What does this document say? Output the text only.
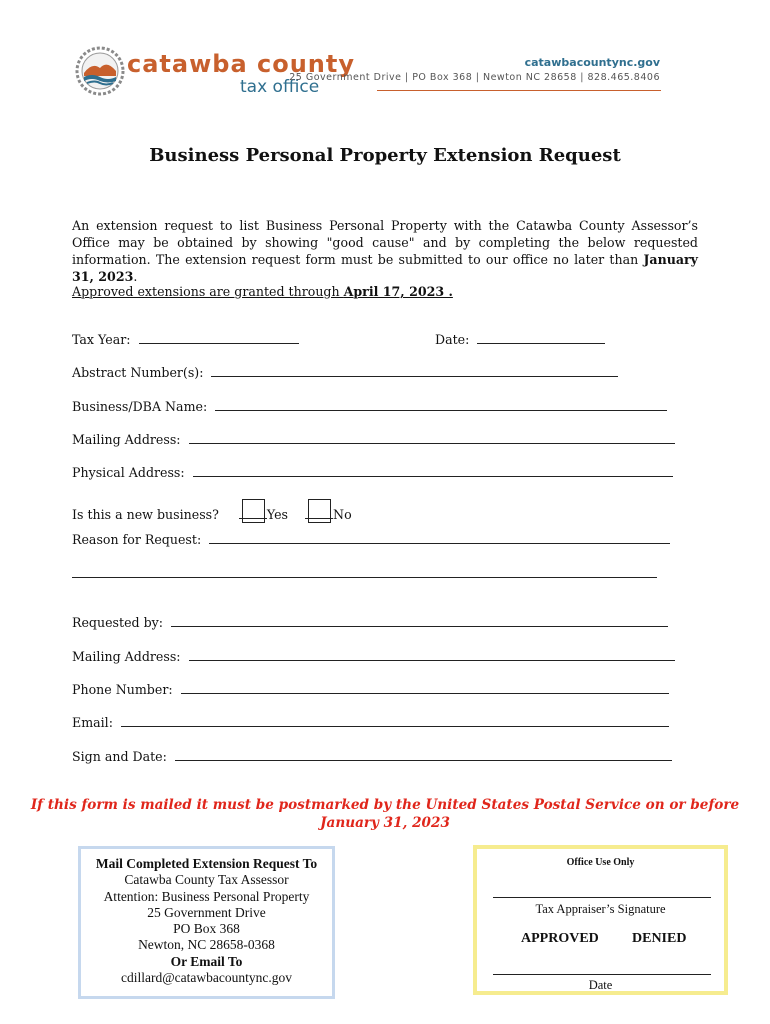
catawba county
tax office
catawbacountync.gov
25 Government Drive | PO Box 368 | Newton NC 28658 | 828.465.8406
Business Personal Property Extension Request
An extension request to list Business Personal Property with the Catawba County Assessor’s Office may be obtained by showing "good cause" and by completing the below requested information. The extension request form must be submitted to our office no later than January 31, 2023.
Approved extensions are granted through April 17, 2023 .
Tax Year:	Date:
Abstract Number(s):
Business/DBA Name:
Mailing Address:
Physical Address:
Is this a new business?	Yes	No
Reason for Request:
Requested by:
Mailing Address:
Phone Number:
Email:
Sign and Date:
If this form is mailed it must be postmarked by the United States Postal Service on or before
January 31, 2023
Mail Completed Extension Request To
Catawba County Tax Assessor
Attention: Business Personal Property
25 Government Drive
PO Box 368
Newton, NC 28658-0368
Or Email To
cdillard@catawbacountync.gov
Office Use Only
Tax Appraiser’s Signature
APPROVED DENIED
Date
